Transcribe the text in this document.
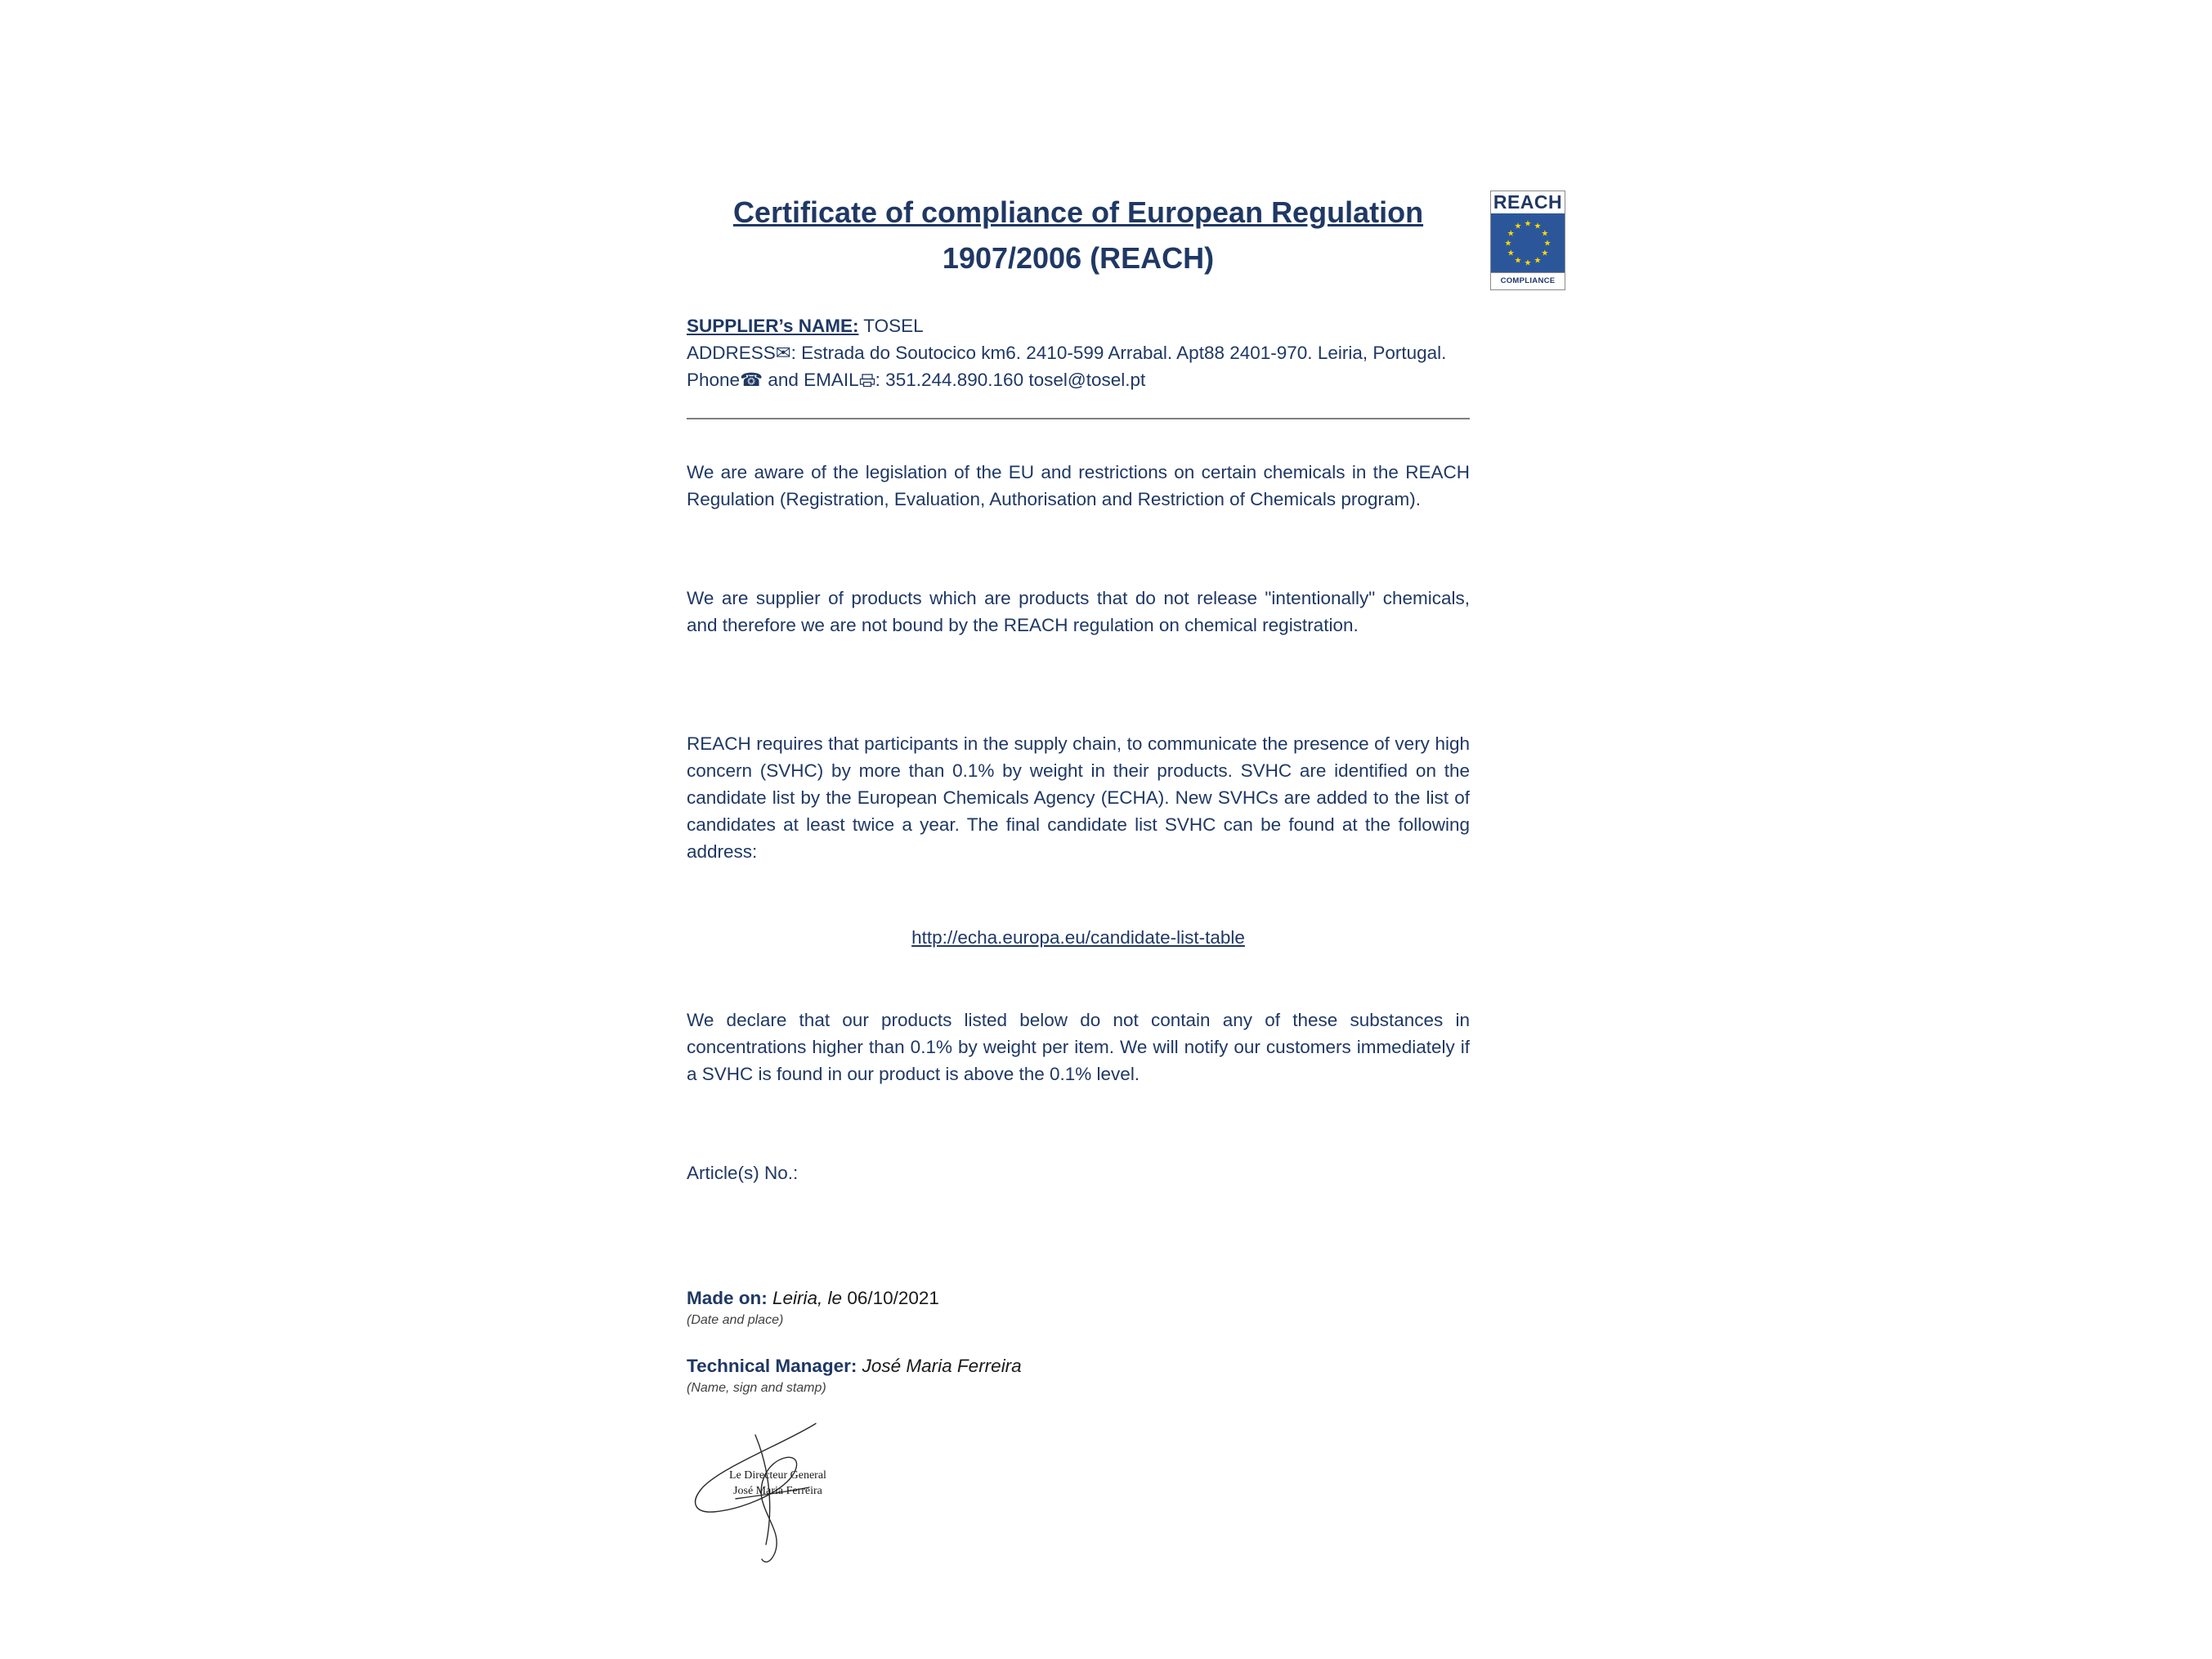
REACH
★ ★
★
★
★
★
★
★
★
★
★
★
COMPLIANCE
Certificate of compliance of European Regulation
1907/2006 (REACH)
SUPPLIER’s NAME: TOSEL
ADDRESS✉: Estrada do Soutocico km6. 2410-599 Arrabal. Apt88 2401-970. Leiria, Portugal.
Phone☎ and EMAIL : 351.244.890.160 tosel@tosel.pt

We are aware of the legislation of the EU and restrictions on certain chemicals in the REACH Regulation (Registration, Evaluation, Authorisation and Restriction of Chemicals program).

We are supplier of products which are products that do not release "intentionally" chemicals, and therefore we are not bound by the REACH regulation on chemical registration.

REACH requires that participants in the supply chain, to communicate the presence of very high concern (SVHC) by more than 0.1% by weight in their products. SVHC are identified on the candidate list by the European Chemicals Agency (ECHA). New SVHCs are added to the list of candidates at least twice a year. The final candidate list SVHC can be found at the following address:

http://echa.europa.eu/candidate-list-table

We declare that our products listed below do not contain any of these substances in concentrations higher than 0.1% by weight per item. We will notify our customers immediately if a SVHC is found in our product is above the 0.1% level.

Article(s) No.:
Made on: Leiria, le 06/10/2021
(Date and place)
Technical Manager: José Maria Ferreira
(Name, sign and stamp)
Le Directeur General
José Maria Ferreira
